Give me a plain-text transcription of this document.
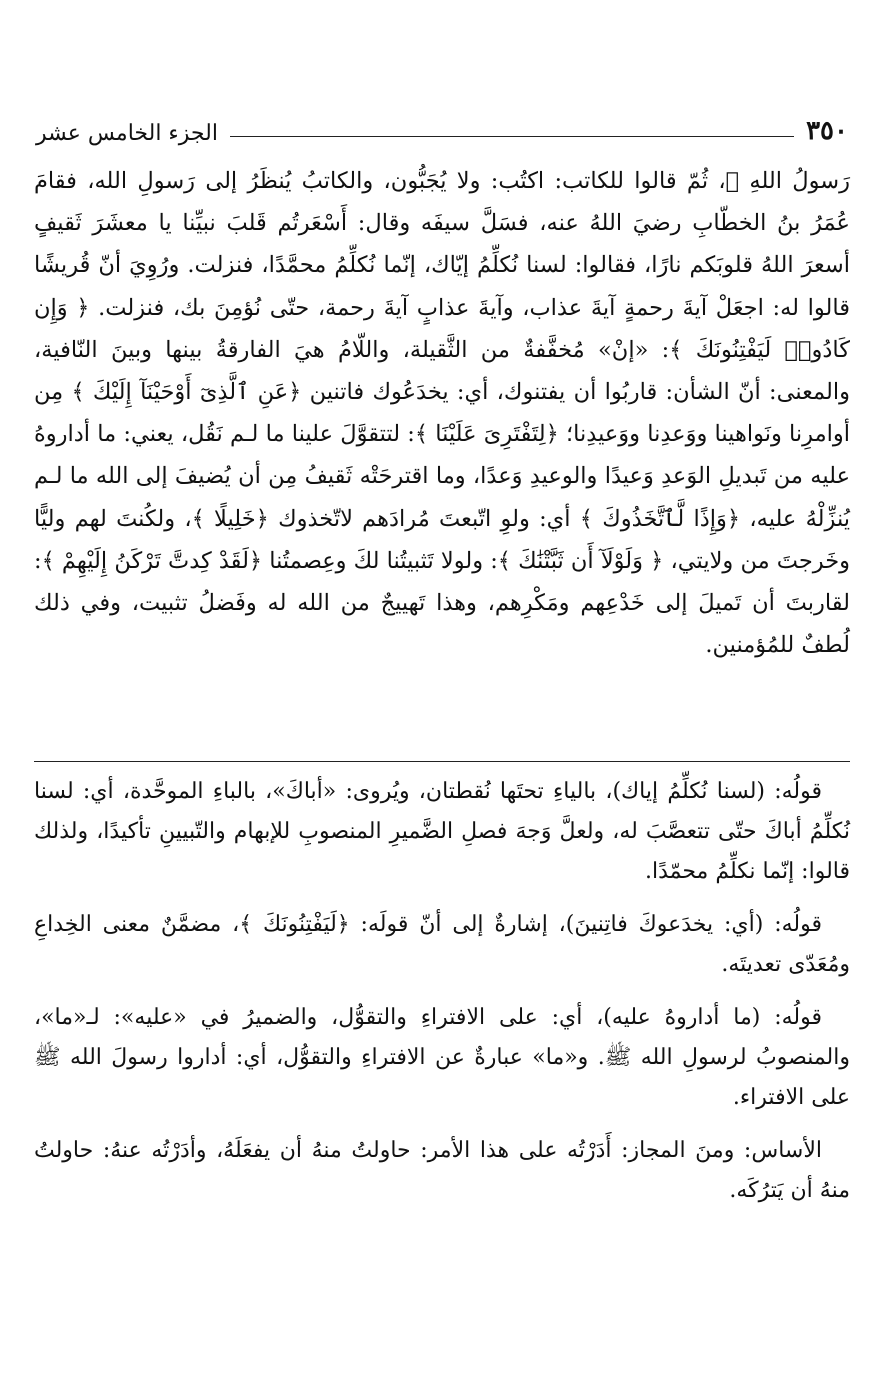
٣٥٠
الجزء الخامس عشر

رَسولُ اللهِ ﷺ، ثُمّ قالوا للكاتب: اكتُب: ولا يُجَبُّون، والكاتبُ يُنظَرُ إلى رَسولِ الله، فقامَ عُمَرُ بنُ الخطّابِ رضيَ اللهُ عنه، فسَلَّ سيفَه وقال: أَسْعَرتُم قَلبَ نبيِّنا يا معشَرَ ثَقيفٍ أسعرَ اللهُ قلوبَكم نارًا، فقالوا: لسنا نُكلِّمُ إيّاك، إنّما نُكلِّمُ محمَّدًا، فنزلت. ورُوِيَ أنّ قُريشًا قالوا له: اجعَلْ آيةَ رحمةٍ آيةَ عذاب، وآيةَ عذابٍ آيةَ رحمة، حتّى نُؤمِنَ بك، فنزلت. ﴿ وَإِن كَادُوا۟ لَيَفْتِنُونَكَ ﴾: «إنْ» مُخفَّفةٌ من الثَّقيلة، واللّامُ هيَ الفارقةُ بينها وبينَ النّافية، والمعنى: أنّ الشأن: قاربُوا أن يفتنوك، أي: يخدَعُوك فاتنين ﴿عَنِ ٱلَّذِىٓ أَوْحَيْنَآ إِلَيْكَ ﴾ مِن أوامرِنا ونَواهينا ووَعدِنا ووَعيدِنا؛ ﴿لِتَفْتَرِىَ عَلَيْنَا ﴾: لتتقوَّلَ علينا ما لـم نَقُل، يعني: ما أداروهُ عليه من تَبديلِ الوَعدِ وَعيدًا والوعيدِ وَعدًا، وما اقترحَتْه ثَقيفُ مِن أن يُضيفَ إلى الله ما لـم يُنزِّلْهُ عليه، ﴿وَإِذًا لَّٱتَّخَذُوكَ ﴾ أي: ولوِ اتّبعتَ مُرادَهم لاتّخذوك ﴿خَلِيلًا ﴾، ولكُنتَ لهم وليًّا وخَرجتَ من ولايتي، ﴿ وَلَوْلَآ أَن ثَبَّتْنَٰكَ ﴾: ولولا تَثبيتُنا لكَ وعِصمتُنا ﴿لَقَدْ كِدتَّ تَرْكَنُ إِلَيْهِمْ ﴾: لقاربتَ أن تَميلَ إلى خَدْعِهم ومَكْرِهم، وهذا تَهييجٌ من الله له وفَضلُ تثبيت، وفي ذلك لُطفٌ للمُؤمنين.

قولُه: (لسنا نُكلِّمُ إياك)، بالياءِ تحتَها نُقطتان، ويُروى: «أباكَ»، بالباءِ الموحَّدة، أي: لسنا نُكلِّمُ أباكَ حتّى تتعصَّبَ له، ولعلَّ وَجهَ فصلِ الضَّميرِ المنصوبِ للإبهام والتّبيينِ تأكيدًا، ولذلك قالوا: إنّما نكلِّمُ محمّدًا.

قولُه: (أي: يخدَعوكَ فاتِنينَ)، إشارةٌ إلى أنّ قولَه: ﴿لَيَفْتِنُونَكَ ﴾، مضمَّنٌ معنى الخِداعِ ومُعَدّى تعديتَه.

قولُه: (ما أداروهُ عليه)، أي: على الافتراءِ والتقوُّل، والضميرُ في «عليه»: لـ«ما»، والمنصوبُ لرسولِ الله ﷺ. و«ما» عبارةٌ عن الافتراءِ والتقوُّل، أي: أداروا رسولَ الله ﷺ على الافتراء.

الأساس: ومنَ المجاز: أَدَرْتُه على هذا الأمر: حاولتُ منهُ أن يفعَلَهُ، وأدَرْتُه عنهُ: حاولتُ منهُ أن يَترُكَه.
